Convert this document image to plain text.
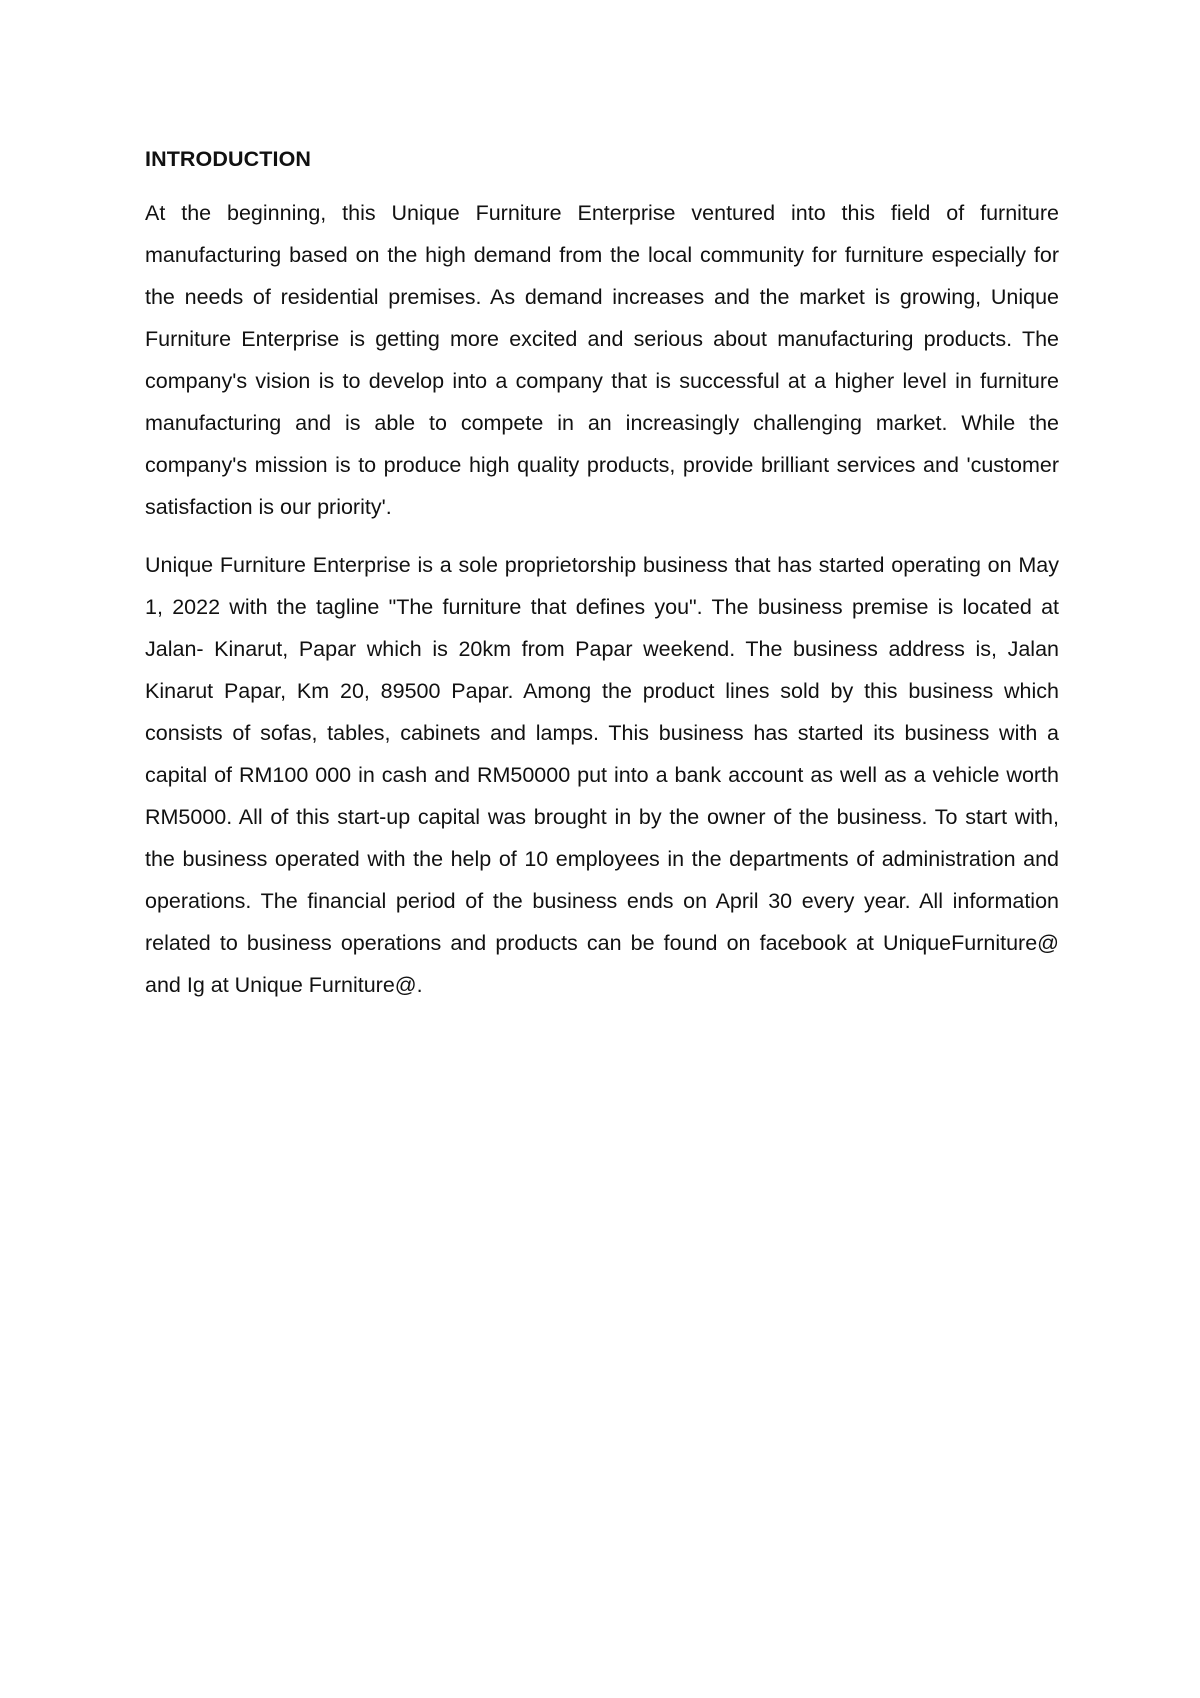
INTRODUCTION

At the beginning, this Unique Furniture Enterprise ventured into this field of furniture manufacturing based on the high demand from the local community for furniture especially for the needs of residential premises. As demand increases and the market is growing, Unique Furniture Enterprise is getting more excited and serious about manufacturing products. The company's vision is to develop into a company that is successful at a higher level in furniture manufacturing and is able to compete in an increasingly challenging market. While the company's mission is to produce high quality products, provide brilliant services and 'customer satisfaction is our priority'.

Unique Furniture Enterprise is a sole proprietorship business that has started operating on May 1, 2022 with the tagline "The furniture that defines you". The business premise is located at Jalan- Kinarut, Papar which is 20km from Papar weekend. The business address is, Jalan Kinarut Papar, Km 20, 89500 Papar. Among the product lines sold by this business which consists of sofas, tables, cabinets and lamps. This business has started its business with a capital of RM100 000 in cash and RM50000 put into a bank account as well as a vehicle worth RM5000. All of this start-up capital was brought in by the owner of the business. To start with, the business operated with the help of 10 employees in the departments of administration and operations. The financial period of the business ends on April 30 every year. All information related to business operations and products can be found on facebook at UniqueFurniture@ and Ig at Unique Furniture@.
